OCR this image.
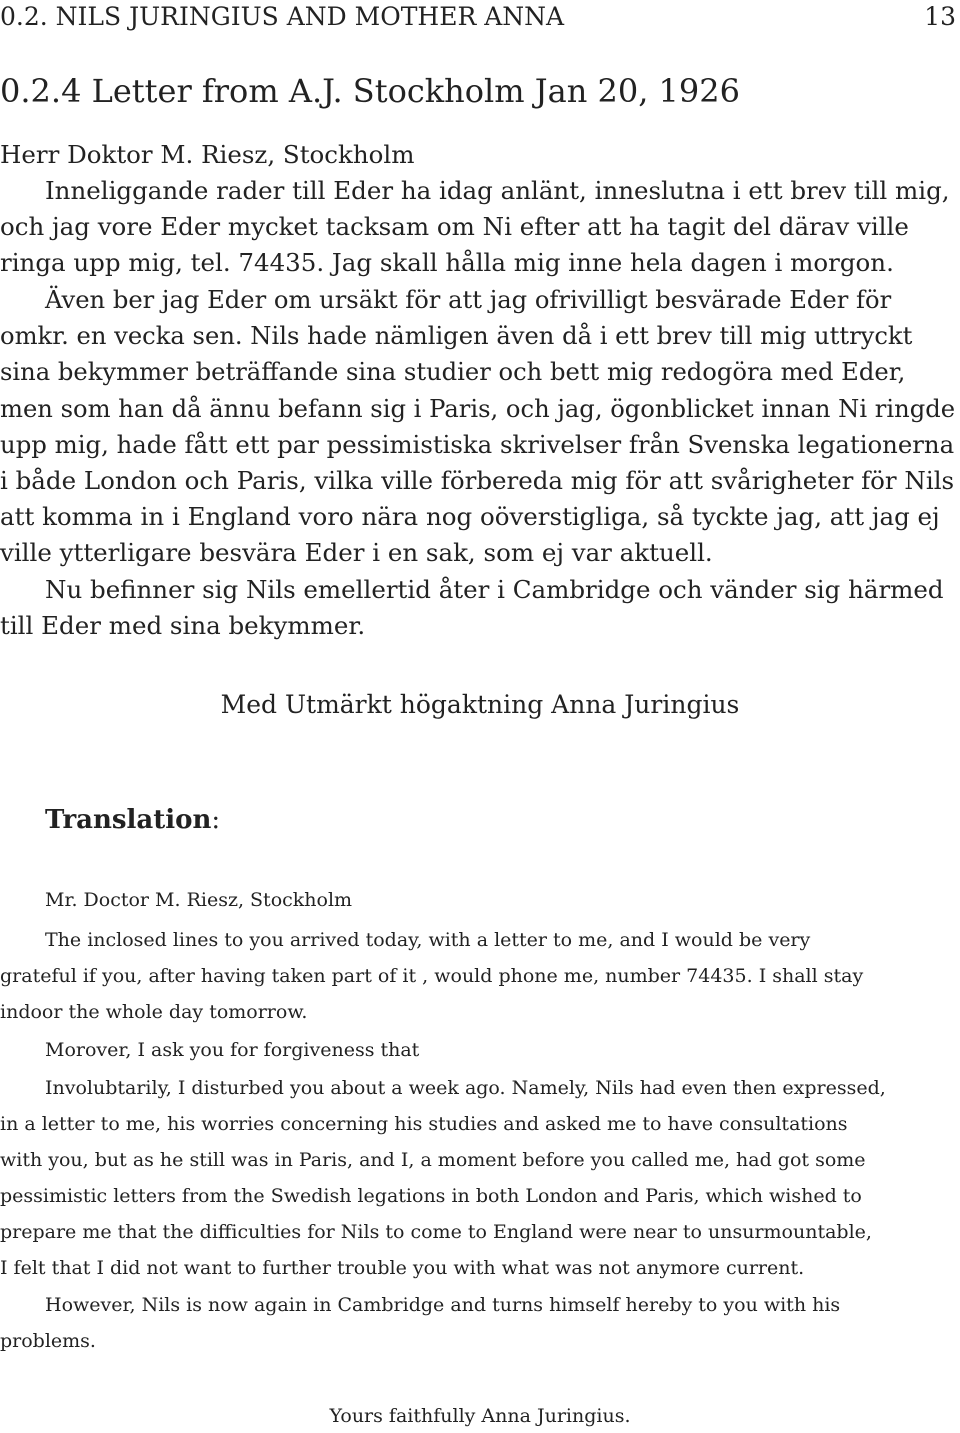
0.2. NILS JURINGIUS AND MOTHER ANNA	13
0.2.4 Letter from A.J. Stockholm Jan 20, 1926
Herr Doktor M. Riesz, Stockholm
Inneliggande rader till Eder ha idag anlänt, inneslutna i ett brev till mig,
och jag vore Eder mycket tacksam om Ni efter att ha tagit del därav ville
ringa upp mig, tel. 74435. Jag skall hålla mig inne hela dagen i morgon.
Även ber jag Eder om ursäkt för att jag ofrivilligt besvärade Eder för
omkr. en vecka sen. Nils hade nämligen även då i ett brev till mig uttryckt
sina bekymmer beträffande sina studier och bett mig redogöra med Eder,
men som han då ännu befann sig i Paris, och jag, ögonblicket innan Ni ringde
upp mig, hade fått ett par pessimistiska skrivelser från Svenska legationerna
i både London och Paris, vilka ville förbereda mig för att svårigheter för Nils
att komma in i England voro nära nog oöverstigliga, så tyckte jag, att jag ej
ville ytterligare besvära Eder i en sak, som ej var aktuell.
Nu befinner sig Nils emellertid åter i Cambridge och vänder sig härmed
till Eder med sina bekymmer.
Med Utmärkt högaktning Anna Juringius
Translation:
Mr. Doctor M. Riesz, Stockholm
The inclosed lines to you arrived today, with a letter to me, and I would be very
grateful if you, after having taken part of it , would phone me, number 74435. I shall stay
indoor the whole day tomorrow.
Morover, I ask you for forgiveness that
Involubtarily, I disturbed you about a week ago. Namely, Nils had even then expressed,
in a letter to me, his worries concerning his studies and asked me to have consultations
with you, but as he still was in Paris, and I, a moment before you called me, had got some
pessimistic letters from the Swedish legations in both London and Paris, which wished to
prepare me that the difficulties for Nils to come to England were near to unsurmountable,
I felt that I did not want to further trouble you with what was not anymore current.
However, Nils is now again in Cambridge and turns himself hereby to you with his
problems.
Yours faithfully Anna Juringius.
